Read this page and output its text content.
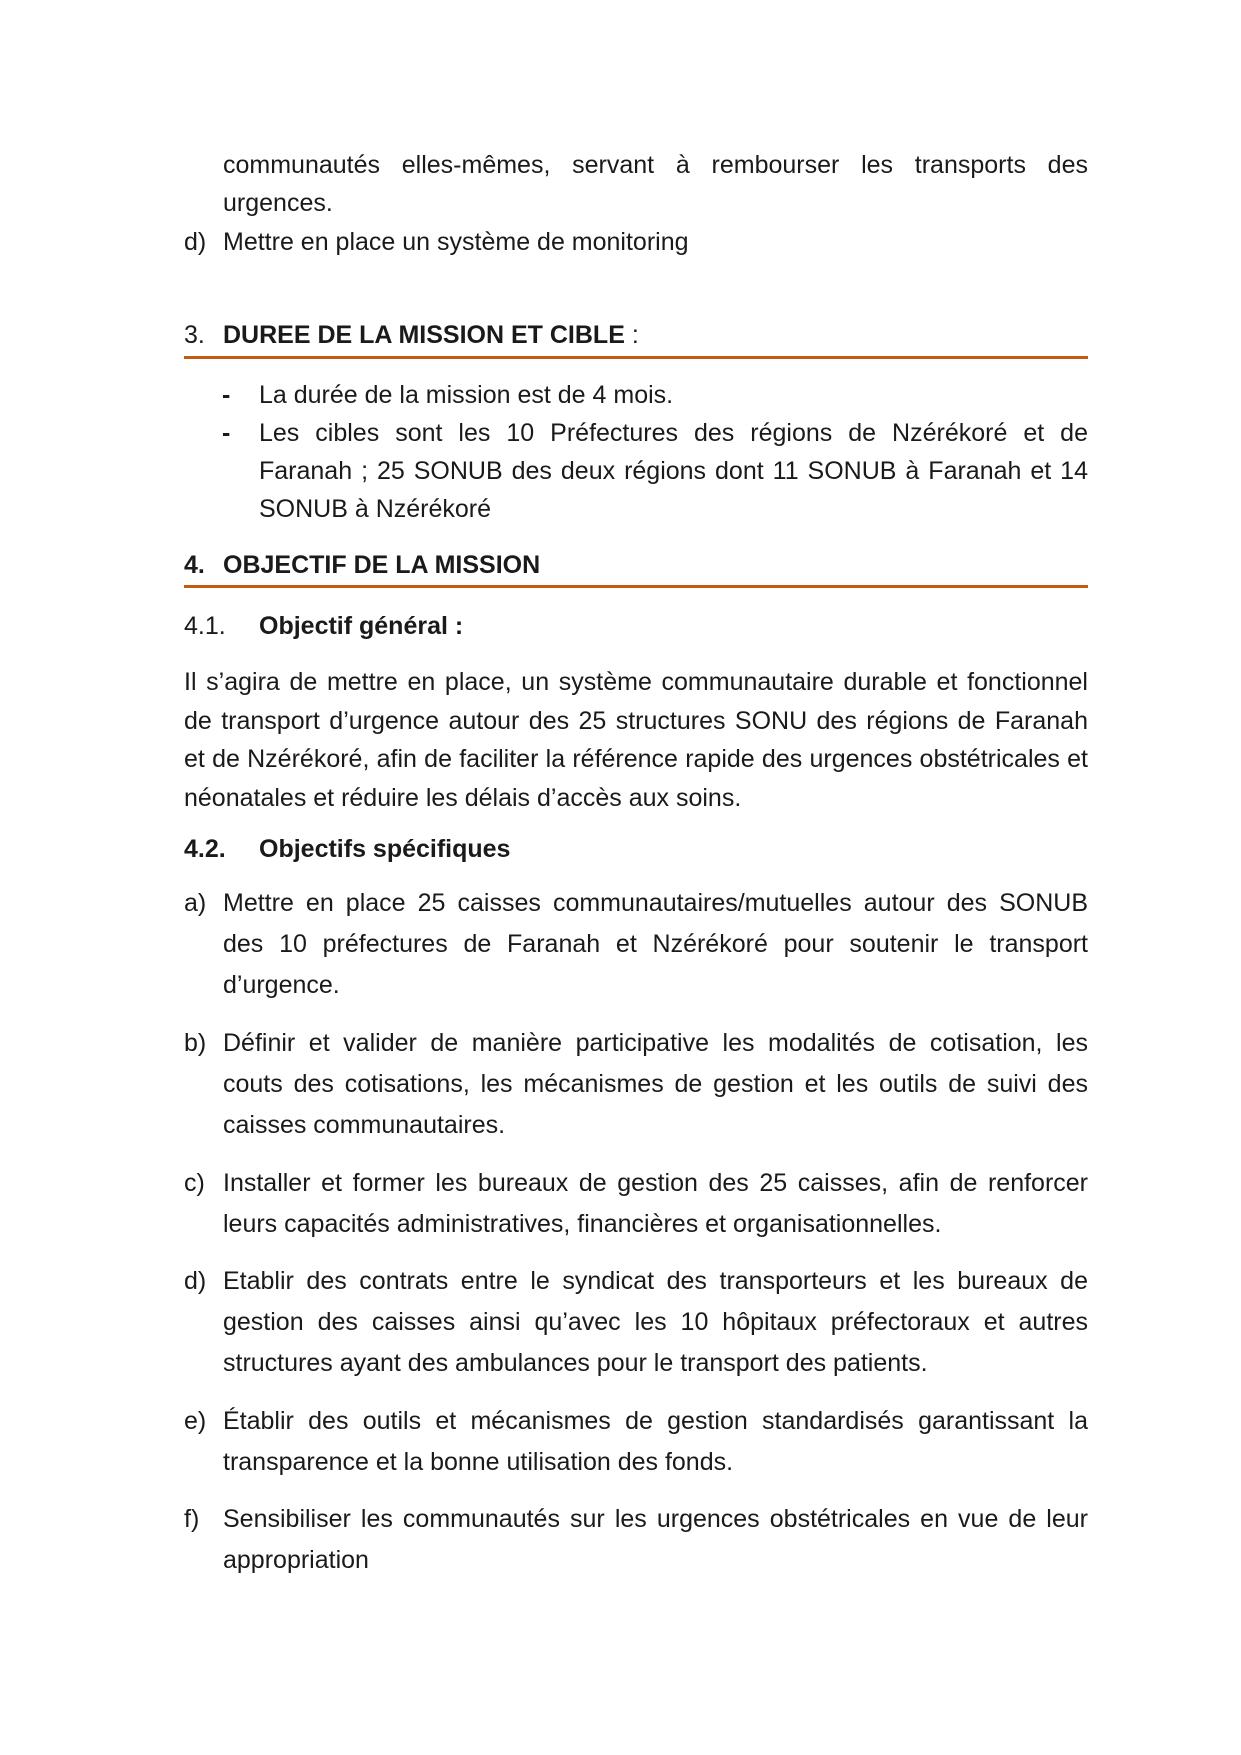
communautés elles-mêmes, servant à rembourser les transports des urgences.
d) Mettre en place un système de monitoring
3. DUREE DE LA MISSION ET CIBLE :
- La durée de la mission est de 4 mois.
- Les cibles sont les 10 Préfectures des régions de Nzérékoré et de Faranah ; 25 SONUB des deux régions dont 11 SONUB à Faranah et 14 SONUB à Nzérékoré
4. OBJECTIF DE LA MISSION
4.1. Objectif général :
Il s’agira de mettre en place, un système communautaire durable et fonctionnel de transport d’urgence autour des 25 structures SONU des régions de Faranah et de Nzérékoré, afin de faciliter la référence rapide des urgences obstétricales et néonatales et réduire les délais d’accès aux soins.
4.2. Objectifs spécifiques
a) Mettre en place 25 caisses communautaires/mutuelles autour des SONUB des 10 préfectures de Faranah et Nzérékoré pour soutenir le transport d’urgence.
b) Définir et valider de manière participative les modalités de cotisation, les couts des cotisations, les mécanismes de gestion et les outils de suivi des caisses communautaires.
c) Installer et former les bureaux de gestion des 25 caisses, afin de renforcer leurs capacités administratives, financières et organisationnelles.
d) Etablir des contrats entre le syndicat des transporteurs et les bureaux de gestion des caisses ainsi qu’avec les 10 hôpitaux préfectoraux et autres structures ayant des ambulances pour le transport des patients.
e) Établir des outils et mécanismes de gestion standardisés garantissant la transparence et la bonne utilisation des fonds.
f) Sensibiliser les communautés sur les urgences obstétricales en vue de leur appropriation
